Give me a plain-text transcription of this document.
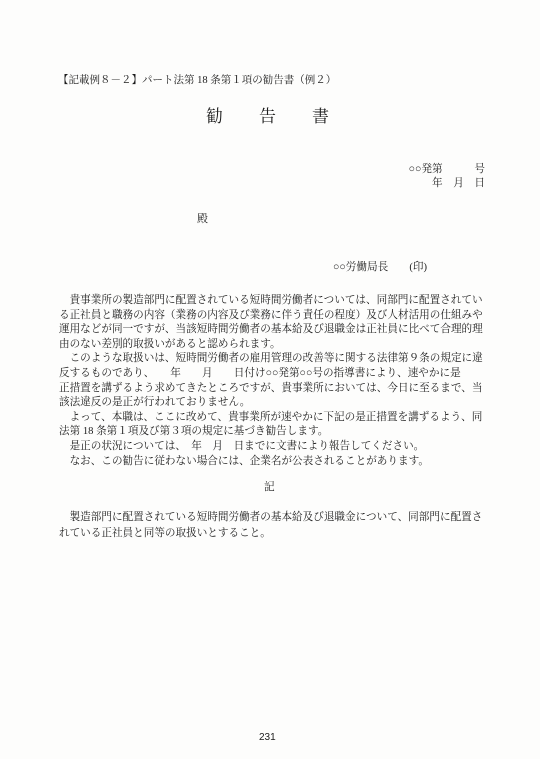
【記載例８－２】パート法第 18 条第１項の勧告書（例２）
勧　告　書
○○発第　　　号
年　月　日
殿
○○労働局長　　(印)
貴事業所の製造部門に配置されている短時間労働者については、同部門に配置されてい
る正社員と職務の内容（業務の内容及び業務に伴う責任の程度）及び人材活用の仕組みや
運用などが同一ですが、当該短時間労働者の基本給及び退職金は正社員に比べて合理的理
由のない差別的取扱いがあると認められます。
このような取扱いは、短時間労働者の雇用管理の改善等に関する法律第９条の規定に違
反するものであり、　　年　　月　　日付け○○発第○○号の指導書により、速やかに是
正措置を講ずるよう求めてきたところですが、貴事業所においては、今日に至るまで、当
該法違反の是正が行われておりません。
よって、本職は、ここに改めて、貴事業所が速やかに下記の是正措置を講ずるよう、同
法第 18 条第１項及び第３項の規定に基づき勧告します。
是正の状況については、　年　月　日までに文書により報告してください。
なお、この勧告に従わない場合には、企業名が公表されることがあります。
記
製造部門に配置されている短時間労働者の基本給及び退職金について、同部門に配置さ
れている正社員と同等の取扱いとすること。
231
